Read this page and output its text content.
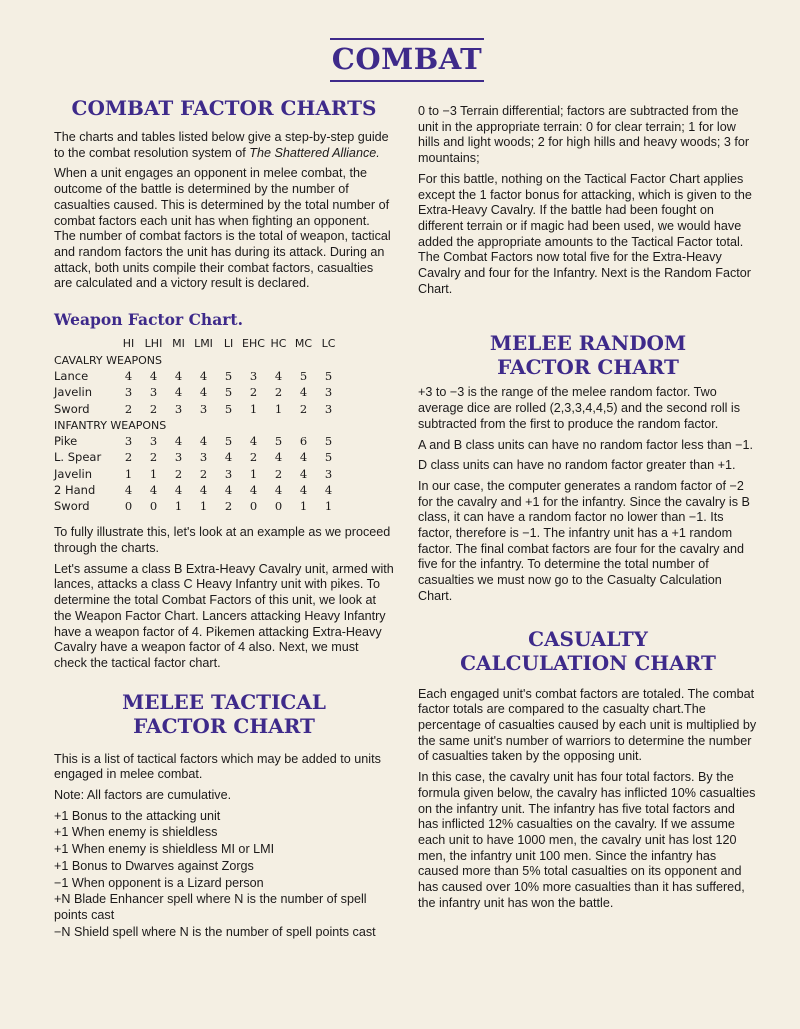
COMBAT
COMBAT FACTOR CHARTS

The charts and tables listed below give a step-by-step guide to the combat resolution system of The Shattered Alliance.

When a unit engages an opponent in melee combat, the outcome of the battle is determined by the number of casualties caused. This is determined by the total number of combat factors each unit has when fighting an opponent. The number of combat factors is the total of weapon, tactical and random factors the unit has during its attack. During an attack, both units compile their combat factors, casualties are calculated and a victory result is declared.

Weapon Factor Chart.
	HI	LHI	MI	LMI	LI	EHC	HC	MC	LC
CAVALRY WEAPONS									
Lance	4	4	4	4	5	3	4	5	5
Javelin	3	3	4	4	5	2	2	4	3
Sword	2	2	3	3	5	1	1	2	3
INFANTRY WEAPONS									
Pike	3	3	4	4	5	4	5	6	5
L. Spear	2	2	3	3	4	2	4	4	5
Javelin	1	1	2	2	3	1	2	4	3
2 Hand	4	4	4	4	4	4	4	4	4
Sword	0	0	1	1	2	0	0	1	1

To fully illustrate this, let's look at an example as we proceed through the charts.

Let's assume a class B Extra-Heavy Cavalry unit, armed with lances, attacks a class C Heavy Infantry unit with pikes. To determine the total Combat Factors of this unit, we look at the Weapon Factor Chart. Lancers attacking Heavy Infantry have a weapon factor of 4. Pikemen attacking Extra-Heavy Cavalry have a weapon factor of 4 also. Next, we must check the tactical factor chart.

MELEE TACTICAL
FACTOR CHART

This is a list of tactical factors which may be added to units engaged in melee combat.

Note: All factors are cumulative.

+1 Bonus to the attacking unit
+1 When enemy is shieldless
+1 When enemy is shieldless MI or LMI
+1 Bonus to Dwarves against Zorgs
−1 When opponent is a Lizard person
+N Blade Enhancer spell where N is the number of spell points cast
−N Shield spell where N is the number of spell points cast

0 to −3 Terrain differential; factors are subtracted from the unit in the appropriate terrain: 0 for clear terrain; 1 for low hills and light woods; 2 for high hills and heavy woods; 3 for mountains;

For this battle, nothing on the Tactical Factor Chart applies except the 1 factor bonus for attacking, which is given to the Extra-Heavy Cavalry. If the battle had been fought on different terrain or if magic had been used, we would have added the appropriate amounts to the Tactical Factor total. The Combat Factors now total five for the Extra-Heavy Cavalry and four for the Infantry. Next is the Random Factor Chart.

MELEE RANDOM
FACTOR CHART

+3 to −3 is the range of the melee random factor. Two average dice are rolled (2,3,3,4,4,5) and the second roll is subtracted from the first to produce the random factor.

A and B class units can have no random factor less than −1.

D class units can have no random factor greater than +1.

In our case, the computer generates a random factor of −2 for the cavalry and +1 for the infantry. Since the cavalry is B class, it can have a random factor no lower than −1. Its factor, therefore is −1. The infantry unit has a +1 random factor. The final combat factors are four for the cavalry and five for the infantry. To determine the total number of casualties we must now go to the Casualty Calculation Chart.

CASUALTY
CALCULATION CHART

Each engaged unit's combat factors are totaled. The combat factor totals are compared to the casualty chart.The percentage of casualties caused by each unit is multiplied by the same unit's number of warriors to determine the number of casualties taken by the opposing unit.

In this case, the cavalry unit has four total factors. By the formula given below, the cavalry has inflicted 10% casualties on the infantry unit. The infantry has five total factors and has inflicted 12% casualties on the cavalry. If we assume each unit to have 1000 men, the cavalry unit has lost 120 men, the infantry unit 100 men. Since the infantry has caused more than 5% total casualties on its opponent and has caused over 10% more casualties than it has suffered, the infantry unit has won the battle.
